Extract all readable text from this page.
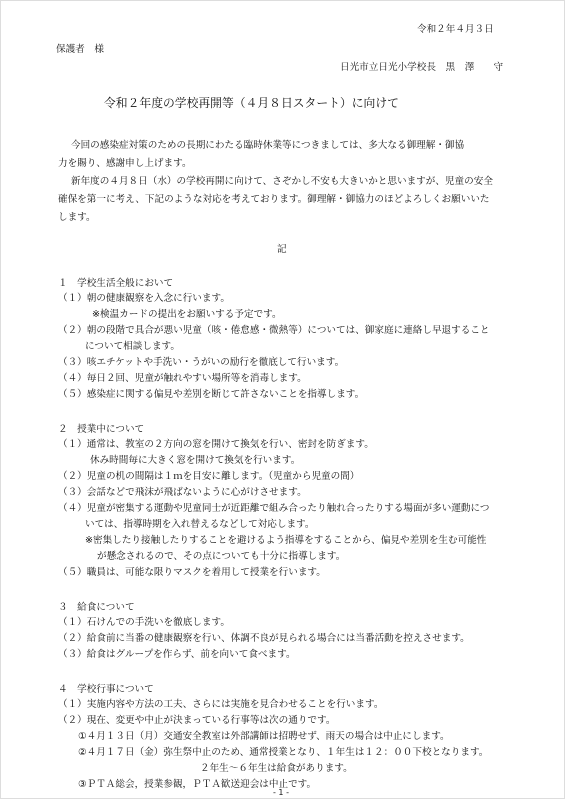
令和２年４月３日
保護者　様
日光市立日光小学校長　黒　澤　　守
令和２年度の学校再開等（４月８日スタート）に向けて
今回の感染症対策のための長期にわたる臨時休業等につきましては、多大なる御理解・御協
力を賜り、感謝申し上げます。
新年度の４月８日（水）の学校再開に向けて、さぞかし不安も大きいかと思いますが、児童の安全
確保を第一に考え、下記のような対応を考えております。御理解・御協力のほどよろしくお願いいた
します。
記
１　学校生活全般において
（１）朝の健康観察を入念に行います。
※検温カードの提出をお願いする予定です。
（２）朝の段階で具合が悪い児童（咳・倦怠感・微熱等）については、御家庭に連絡し早退すること
について相談します。
（３）咳エチケットや手洗い・うがいの励行を徹底して行います。
（４）毎日２回、児童が触れやすい場所等を消毒します。
（５）感染症に関する偏見や差別を断じて許さないことを指導します。
２　授業中について
（１）通常は、教室の２方向の窓を開けて換気を行い、密封を防ぎます。
休み時間毎に大きく窓を開けて換気を行います。
（２）児童の机の間隔は１ｍを目安に離します。（児童から児童の間）
（３）会話などで飛沫が飛ばないように心がけさせます。
（４）児童が密集する運動や児童同士が近距離で組み合ったり触れ合ったりする場面が多い運動につ
いては、指導時期を入れ替えるなどして対応します。
※密集したり接触したりすることを避けるよう指導をすることから、偏見や差別を生む可能性
が懸念されるので、その点についても十分に指導します。
（５）職員は、可能な限りマスクを着用して授業を行います。
３　給食について
（１）石けんでの手洗いを徹底します。
（２）給食前に当番の健康観察を行い、体調不良が見られる場合には当番活動を控えさせます。
（３）給食はグループを作らず、前を向いて食べます。
４　学校行事について
（１）実施内容や方法の工夫、さらには実施を見合わせることを行います。
（２）現在、変更や中止が決まっている行事等は次の通りです。
①４月１３日（月）交通安全教室は外部講師は招聘せず、雨天の場合は中止にします。
②４月１７日（金）弥生祭中止のため、通常授業となり、１年生は１２：００下校となります。
２年生～６年生は給食があります。
③ＰＴＡ総会，授業参観，ＰＴＡ歓送迎会は中止です。
- 1 -
